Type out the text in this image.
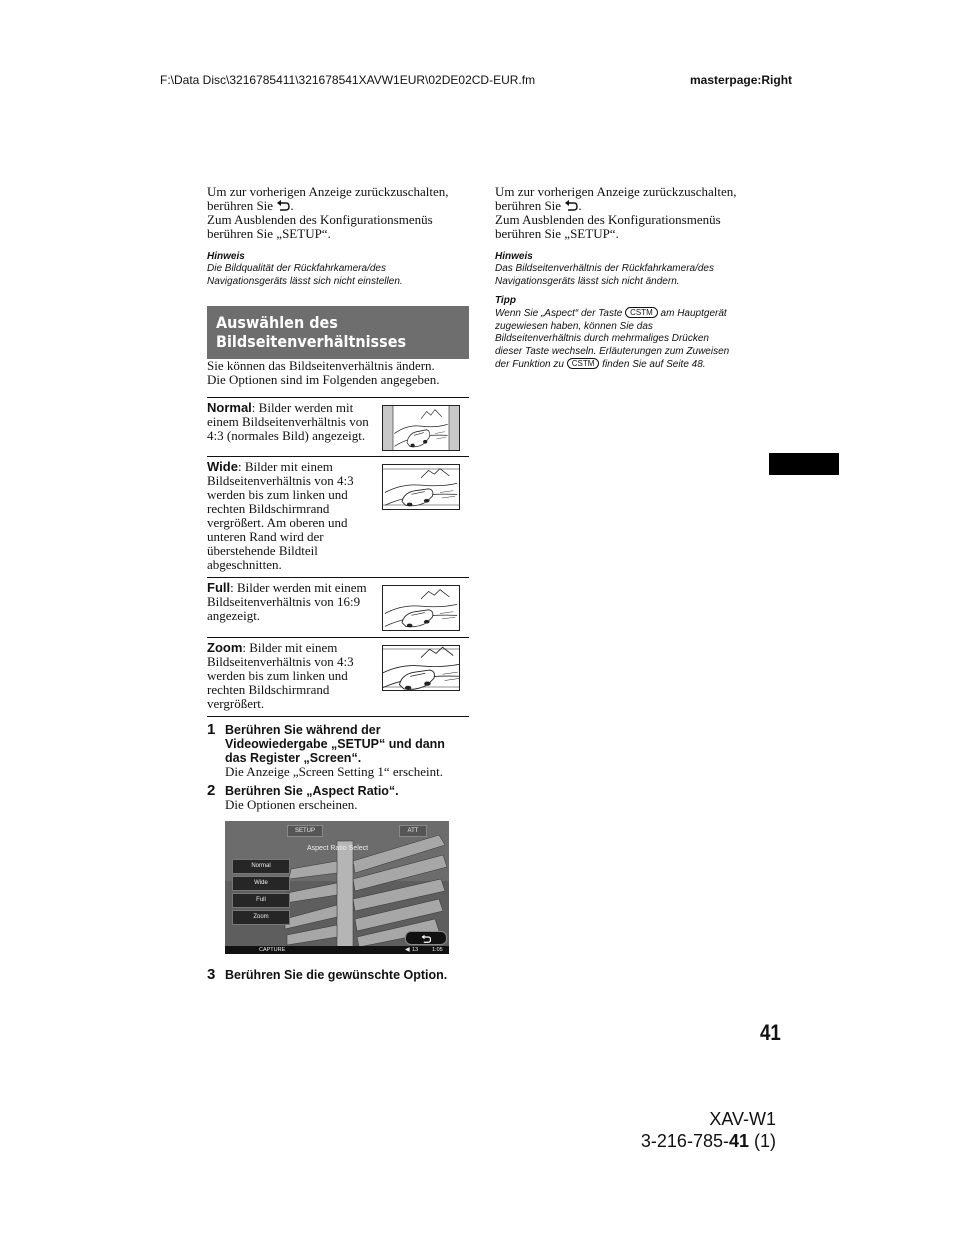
F:\Data Disc\3216785411\321678541XAVW1EUR\02DE02CD-EUR.fm	masterpage:Right

Um zur vorherigen Anzeige zurückzuschalten,
berühren Sie .
Zum Ausblenden des Konfigurationsmenüs
berühren Sie „SETUP“.

Hinweis

Die Bildqualität der Rückfahrkamera/des
Navigationsgeräts lässt sich nicht einstellen.

Auswählen des
Bildseitenverhältnisses

Sie können das Bildseitenverhältnis ändern.
Die Optionen sind im Folgenden angegeben.

Normal: Bilder werden mit
einem Bildseitenverhältnis von
4:3 (normales Bild) angezeigt.
Wide: Bilder mit einem
Bildseitenverhältnis von 4:3
werden bis zum linken und
rechten Bildschirmrand
vergrößert. Am oberen und
unteren Rand wird der
überstehende Bildteil
abgeschnitten.
Full: Bilder werden mit einem
Bildseitenverhältnis von 16:9
angezeigt.
Zoom: Bilder mit einem
Bildseitenverhältnis von 4:3
werden bis zum linken und
rechten Bildschirmrand
vergrößert.
1 Berühren Sie während der
Videowiedergabe „SETUP“ und dann
das Register „Screen“.
Die Anzeige „Screen Setting 1“ erscheint.
2 Berühren Sie „Aspect Ratio“.
Die Optionen erscheinen.
SETUP	ATT
Aspect Ratio Select
Normal
Wide
Full
Zoom
CAPTURE	◀ 13	1:05
3 Berühren Sie die gewünschte Option.

Um zur vorherigen Anzeige zurückzuschalten,
berühren Sie .
Zum Ausblenden des Konfigurationsmenüs
berühren Sie „SETUP“.

Hinweis

Das Bildseitenverhältnis der Rückfahrkamera/des
Navigationsgeräts lässt sich nicht ändern.

Tipp

Wenn Sie „Aspect“ der Taste CSTM am Hauptgerät
zugewiesen haben, können Sie das
Bildseitenverhältnis durch mehrmaliges Drücken
dieser Taste wechseln. Erläuterungen zum Zuweisen
der Funktion zu CSTM finden Sie auf Seite 48.

41
XAV-W1
3-216-785-41 (1)
